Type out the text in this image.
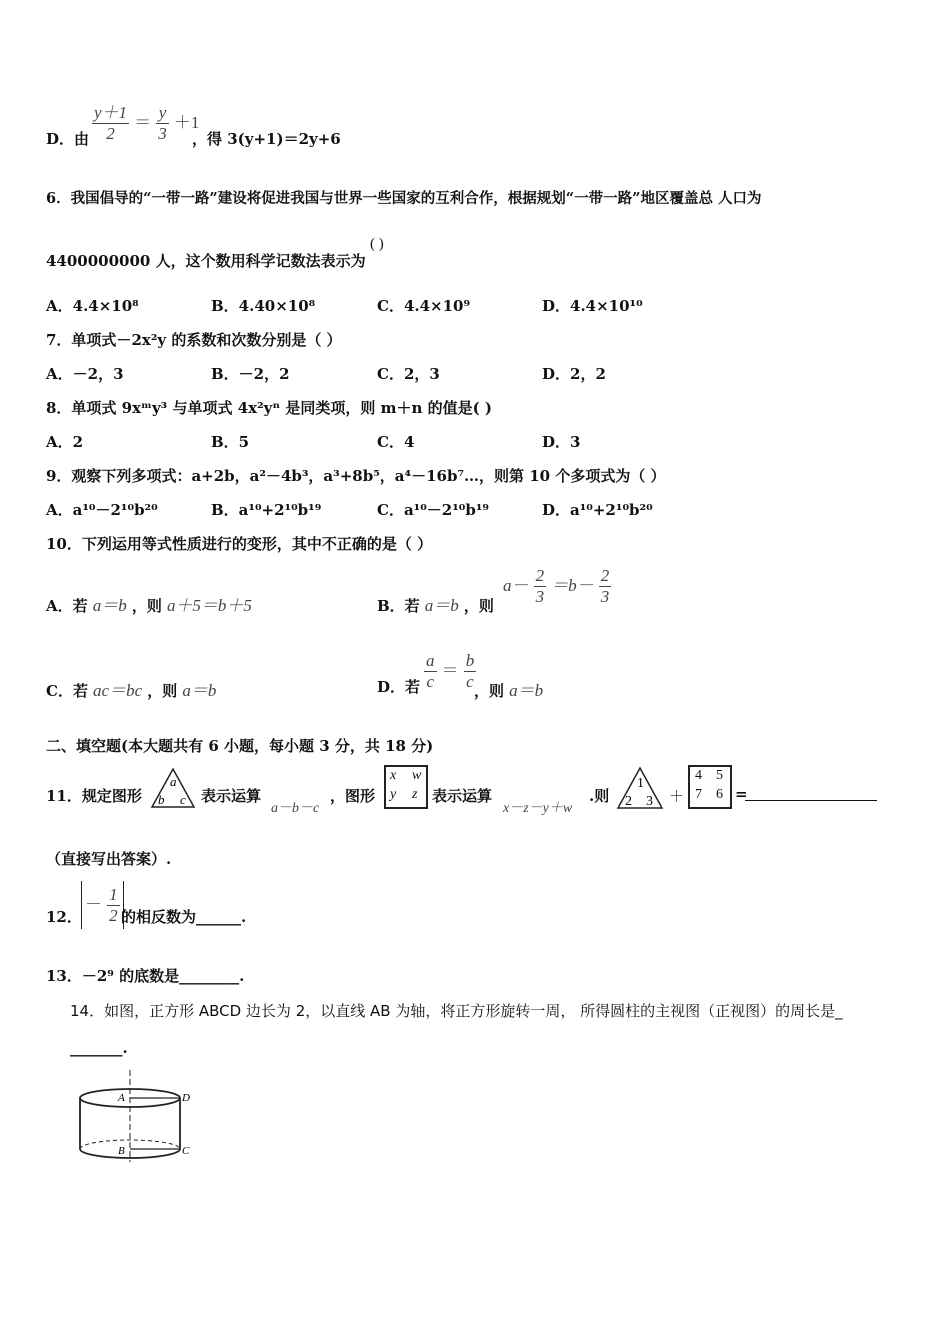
D．由 $\frac{y+1}{2} = \frac{y}{3} +1$
，得 3(y+1)＝2y+6
6．我国倡导的“一带一路”建设将促进我国与世界一些国家的互利合作，根据规划“一带一路”地区覆盖总 人口为
4400000000 人，这个数用科学记数法表示为
( )
A．4.4×10⁸	B．4.40×10⁸	C．4.4×10⁹	D．4.4×10¹⁰
7．单项式－2x²y 的系数和次数分别是（ ）
A．－2，3	B．－2，2	C．2，3	D．2，2
8．单项式 9xᵐy³ 与单项式 4x²yⁿ 是同类项，则 m＋n 的值是( )
A．2	B．5	C．4	D．3
9．观察下列多项式：a+2b，a²－4b³，a³+8b⁵，a⁴－16b⁷…，则第 10 个多项式为（ ）
A．a¹⁰－2¹⁰b²⁰	B．a¹⁰+2¹⁰b¹⁹	C．a¹⁰－2¹⁰b¹⁹	D．a¹⁰+2¹⁰b²⁰
10．下列运用等式性质进行的变形，其中不正确的是（ ）
A．若 a＝b ，则 a＋5＝b＋5	B．若 a＝b ，则
$a- \frac{2}{3} =b- \frac{2}{3}$
C．若 ac＝bc ，则 a＝b	D．若 $\frac{a}{c} = \frac{b}{c}$
，则 a＝b
二、填空题(本大题共有 6 小题，每小题 3 分，共 18 分)
11．规定图形
a
b c 表示运算
a－b－c
，图形
x w
y z 表示运算
x－z－y＋w
.则
1
2 3 ＋
4 5
7 6 =
（直接写出答案）.
12．
－ $\frac{1}{2}$ 的相反数为______.
13．－2⁹ 的底数是________.
14．如图，正方形 ABCD 边长为 2，以直线 AB 为轴，将正方形旋转一周， 所得圆柱的主视图（正视图）的周长是_
_______.
A	D
B	C
